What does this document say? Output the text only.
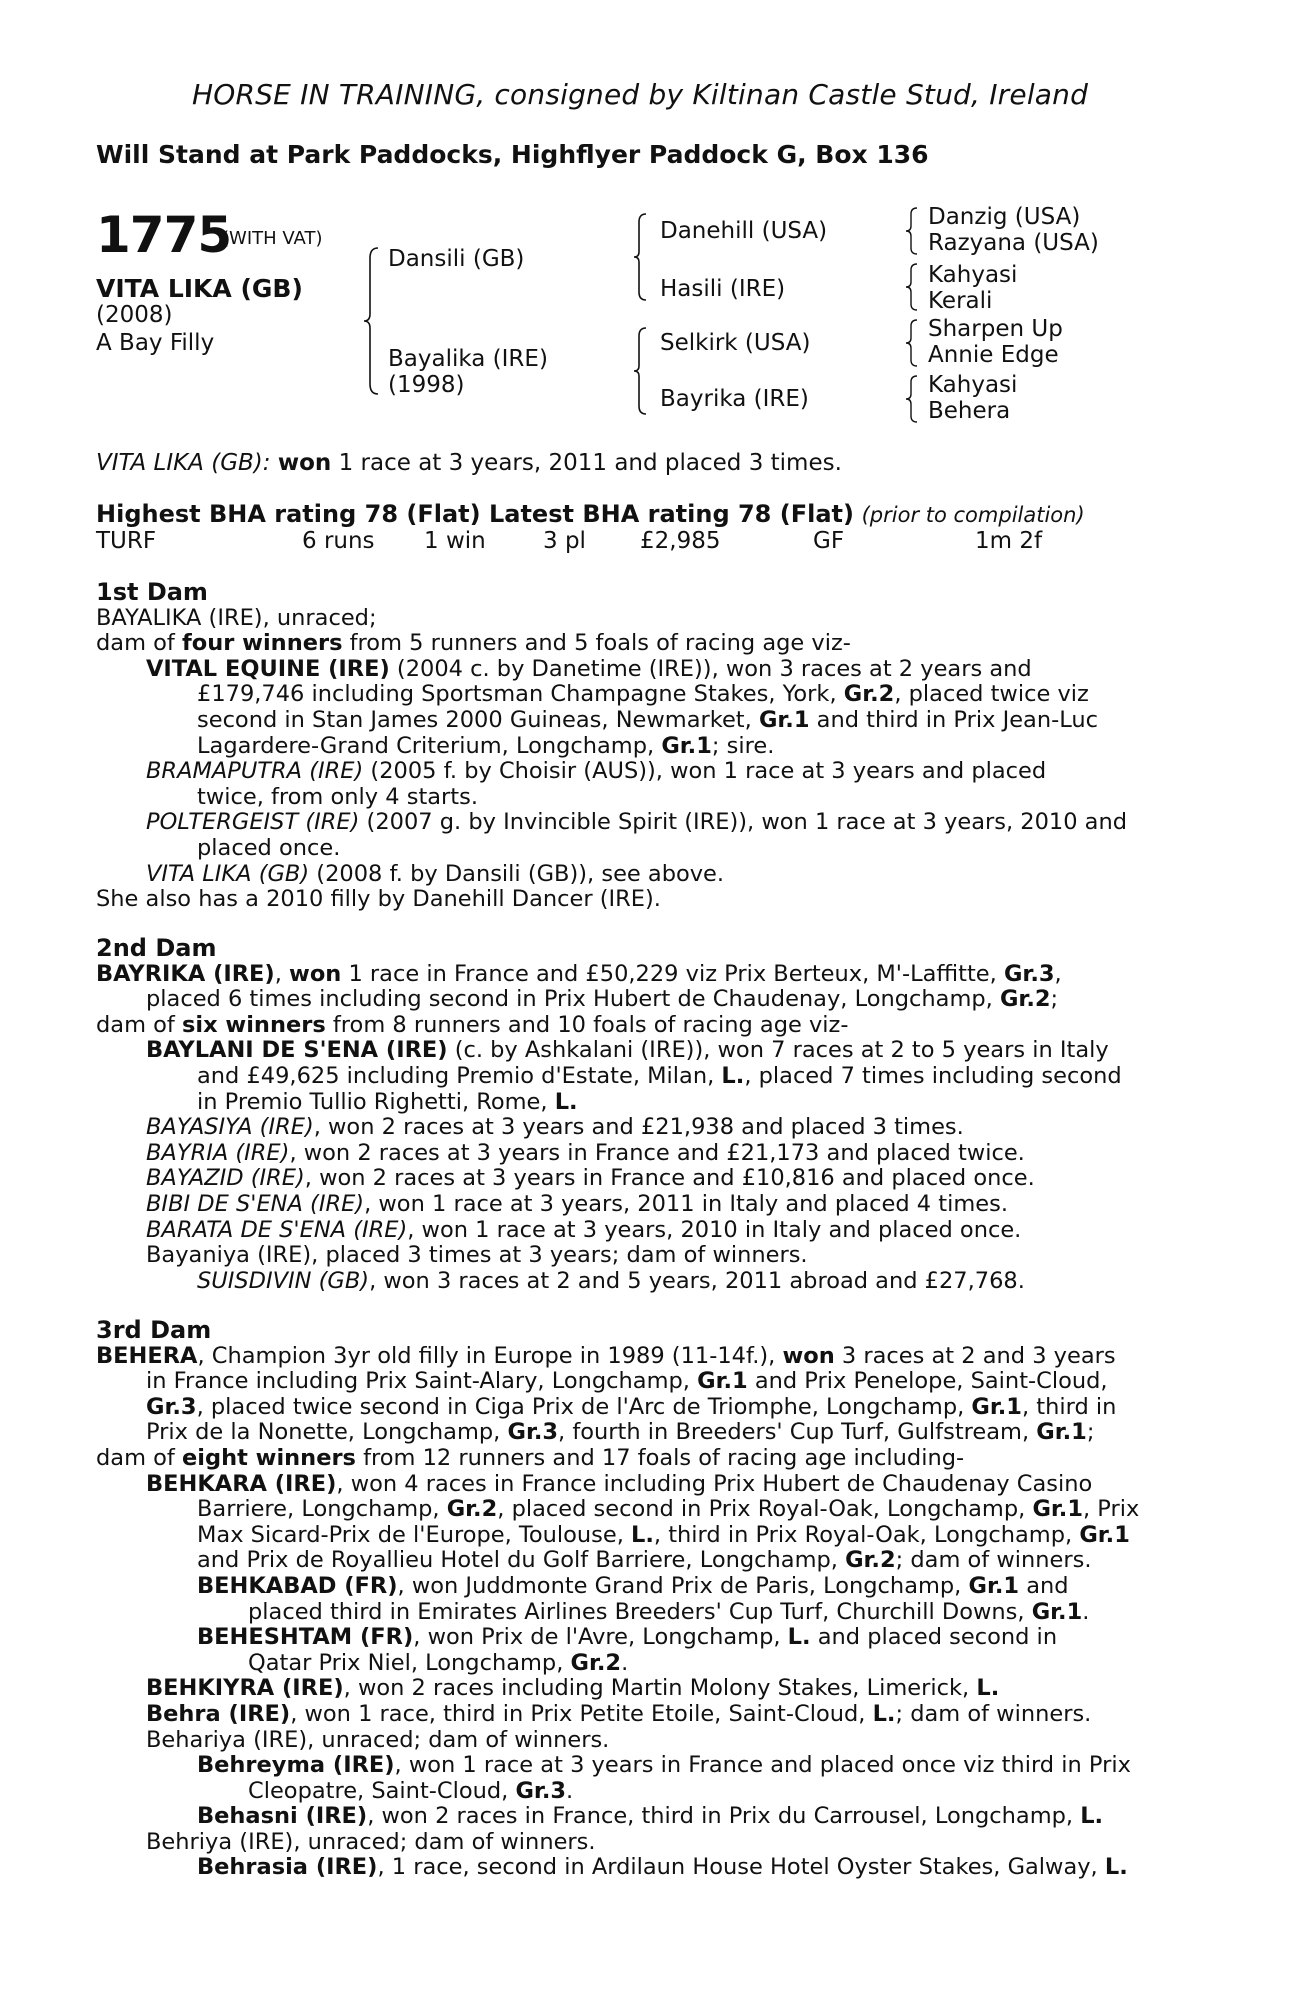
HORSE IN TRAINING, consigned by Kiltinan Castle Stud, Ireland
Will Stand at Park Paddocks, Highflyer Paddock G, Box 136
1775
(WITH VAT)
VITA LIKA (GB)
(2008)
A Bay Filly
Dansili (GB)
Bayalika (IRE)
(1998)
Danehill (USA)
Hasili (IRE)
Selkirk (USA)
Bayrika (IRE)
Danzig (USA)
Razyana (USA)
Kahyasi
Kerali
Sharpen Up
Annie Edge
Kahyasi
Behera
VITA LIKA (GB): won 1 race at 3 years, 2011 and placed 3 times.
Highest BHA rating 78 (Flat) Latest BHA rating 78 (Flat) (prior to compilation)
TURF	6 runs 1 win 3 pl £2,985	GF	1m 2f
1st Dam
BAYALIKA (IRE), unraced;
dam of four winners from 5 runners and 5 foals of racing age viz-
VITAL EQUINE (IRE) (2004 c. by Danetime (IRE)), won 3 races at 2 years and
£179,746 including Sportsman Champagne Stakes, York, Gr.2, placed twice viz
second in Stan James 2000 Guineas, Newmarket, Gr.1 and third in Prix Jean-Luc
Lagardere-Grand Criterium, Longchamp, Gr.1; sire.
BRAMAPUTRA (IRE) (2005 f. by Choisir (AUS)), won 1 race at 3 years and placed
twice, from only 4 starts.
POLTERGEIST (IRE) (2007 g. by Invincible Spirit (IRE)), won 1 race at 3 years, 2010 and
placed once.
VITA LIKA (GB) (2008 f. by Dansili (GB)), see above.
She also has a 2010 filly by Danehill Dancer (IRE).
2nd Dam
BAYRIKA (IRE), won 1 race in France and £50,229 viz Prix Berteux, M'-Laffitte, Gr.3,
placed 6 times including second in Prix Hubert de Chaudenay, Longchamp, Gr.2;
dam of six winners from 8 runners and 10 foals of racing age viz-
BAYLANI DE S'ENA (IRE) (c. by Ashkalani (IRE)), won 7 races at 2 to 5 years in Italy
and £49,625 including Premio d'Estate, Milan, L., placed 7 times including second
in Premio Tullio Righetti, Rome, L.
BAYASIYA (IRE), won 2 races at 3 years and £21,938 and placed 3 times.
BAYRIA (IRE), won 2 races at 3 years in France and £21,173 and placed twice.
BAYAZID (IRE), won 2 races at 3 years in France and £10,816 and placed once.
BIBI DE S'ENA (IRE), won 1 race at 3 years, 2011 in Italy and placed 4 times.
BARATA DE S'ENA (IRE), won 1 race at 3 years, 2010 in Italy and placed once.
Bayaniya (IRE), placed 3 times at 3 years; dam of winners.
SUISDIVIN (GB), won 3 races at 2 and 5 years, 2011 abroad and £27,768.
3rd Dam
BEHERA, Champion 3yr old filly in Europe in 1989 (11-14f.), won 3 races at 2 and 3 years
in France including Prix Saint-Alary, Longchamp, Gr.1 and Prix Penelope, Saint-Cloud,
Gr.3, placed twice second in Ciga Prix de l'Arc de Triomphe, Longchamp, Gr.1, third in
Prix de la Nonette, Longchamp, Gr.3, fourth in Breeders' Cup Turf, Gulfstream, Gr.1;
dam of eight winners from 12 runners and 17 foals of racing age including-
BEHKARA (IRE), won 4 races in France including Prix Hubert de Chaudenay Casino
Barriere, Longchamp, Gr.2, placed second in Prix Royal-Oak, Longchamp, Gr.1, Prix
Max Sicard-Prix de l'Europe, Toulouse, L., third in Prix Royal-Oak, Longchamp, Gr.1
and Prix de Royallieu Hotel du Golf Barriere, Longchamp, Gr.2; dam of winners.
BEHKABAD (FR), won Juddmonte Grand Prix de Paris, Longchamp, Gr.1 and
placed third in Emirates Airlines Breeders' Cup Turf, Churchill Downs, Gr.1.
BEHESHTAM (FR), won Prix de l'Avre, Longchamp, L. and placed second in
Qatar Prix Niel, Longchamp, Gr.2.
BEHKIYRA (IRE), won 2 races including Martin Molony Stakes, Limerick, L.
Behra (IRE), won 1 race, third in Prix Petite Etoile, Saint-Cloud, L.; dam of winners.
Behariya (IRE), unraced; dam of winners.
Behreyma (IRE), won 1 race at 3 years in France and placed once viz third in Prix
Cleopatre, Saint-Cloud, Gr.3.
Behasni (IRE), won 2 races in France, third in Prix du Carrousel, Longchamp, L.
Behriya (IRE), unraced; dam of winners.
Behrasia (IRE), 1 race, second in Ardilaun House Hotel Oyster Stakes, Galway, L.
